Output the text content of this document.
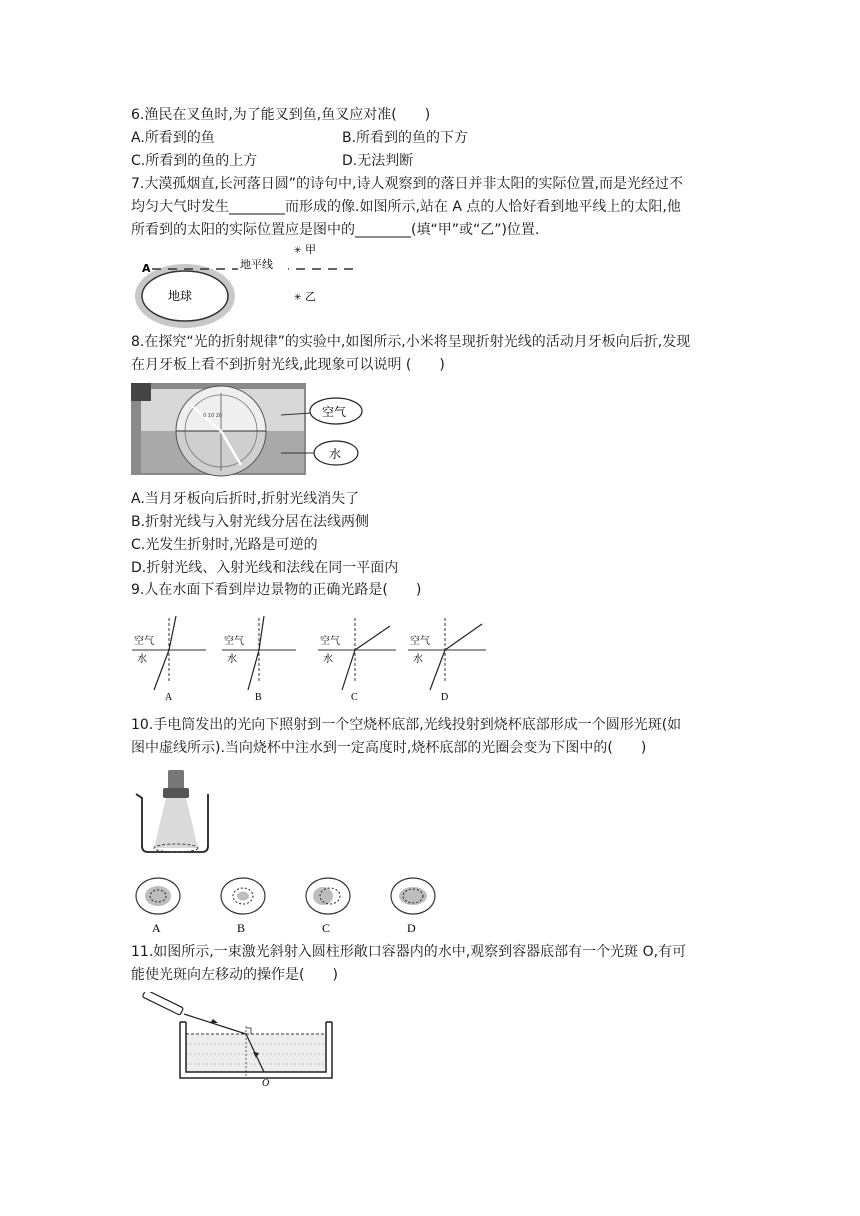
6.渔民在叉鱼时,为了能叉到鱼,鱼叉应对准(　　)
A.所看到的鱼	B.所看到的鱼的下方
C.所看到的鱼的上方	D.无法判断
7.大漠孤烟直,长河落日圆”的诗句中,诗人观察到的落日并非太阳的实际位置,而是光经过不
均匀大气时发生________而形成的像.如图所示,站在 A 点的人恰好看到地平线上的太阳,他
所看到的太阳的实际位置应是图中的________(填“甲”或“乙”)位置.
地球
A	地平线
✳ 甲
✳ 乙
8.在探究“光的折射规律”的实验中,如图所示,小米将呈现折射光线的活动月牙板向后折,发现
在月牙板上看不到折射光线,此现象可以说明 (　　)
0 10 20	空气
水
A.当月牙板向后折时,折射光线消失了
B.折射光线与入射光线分居在法线两侧
C.光发生折射时,光路是可逆的
D.折射光线、入射光线和法线在同一平面内
9.人在水面下看到岸边景物的正确光路是(　　)
空气
水
A
空气
水
B
空气
水
C
空气
水
D
10.手电筒发出的光向下照射到一个空烧杯底部,光线投射到烧杯底部形成一个圆形光斑(如
图中虚线所示).当向烧杯中注水到一定高度时,烧杯底部的光圈会变为下图中的(　　)
A	B	C	D
11.如图所示,一束激光斜射入圆柱形敞口容器内的水中,观察到容器底部有一个光斑 O,有可
能使光斑向左移动的操作是(　　)
O
